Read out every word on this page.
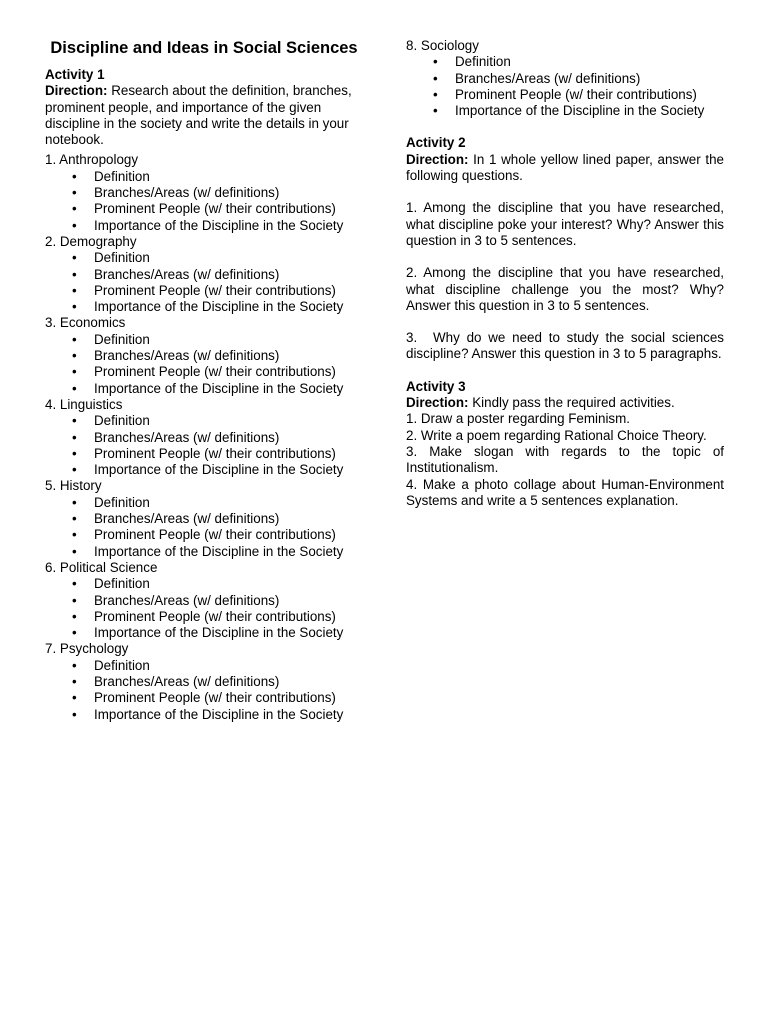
Discipline and Ideas in Social Sciences
Activity 1

Direction: Research about the definition, branches, prominent people, and importance of the given discipline in the society and write the details in your notebook.

1. Anthropology
• Definition
• Branches/Areas (w/ definitions)
• Prominent People (w/ their contributions)
• Importance of the Discipline in the Society
2. Demography
• Definition
• Branches/Areas (w/ definitions)
• Prominent People (w/ their contributions)
• Importance of the Discipline in the Society
3. Economics
• Definition
• Branches/Areas (w/ definitions)
• Prominent People (w/ their contributions)
• Importance of the Discipline in the Society
4. Linguistics
• Definition
• Branches/Areas (w/ definitions)
• Prominent People (w/ their contributions)
• Importance of the Discipline in the Society
5. History
• Definition
• Branches/Areas (w/ definitions)
• Prominent People (w/ their contributions)
• Importance of the Discipline in the Society
6. Political Science
• Definition
• Branches/Areas (w/ definitions)
• Prominent People (w/ their contributions)
• Importance of the Discipline in the Society
7. Psychology
• Definition
• Branches/Areas (w/ definitions)
• Prominent People (w/ their contributions)
• Importance of the Discipline in the Society
8. Sociology
• Definition
• Branches/Areas (w/ definitions)
• Prominent People (w/ their contributions)
• Importance of the Discipline in the Society
Activity 2

Direction: In 1 whole yellow lined paper, answer the following questions.

1. Among the discipline that you have researched, what discipline poke your interest? Why? Answer this question in 3 to 5 sentences.

2. Among the discipline that you have researched, what discipline challenge you the most? Why? Answer this question in 3 to 5 sentences.

3. Why do we need to study the social sciences discipline? Answer this question in 3 to 5 paragraphs.

Activity 3

Direction: Kindly pass the required activities.

1. Draw a poster regarding Feminism.

2. Write a poem regarding Rational Choice Theory.

3. Make slogan with regards to the topic of Institutionalism.

4. Make a photo collage about Human-Environment Systems and write a 5 sentences explanation.
